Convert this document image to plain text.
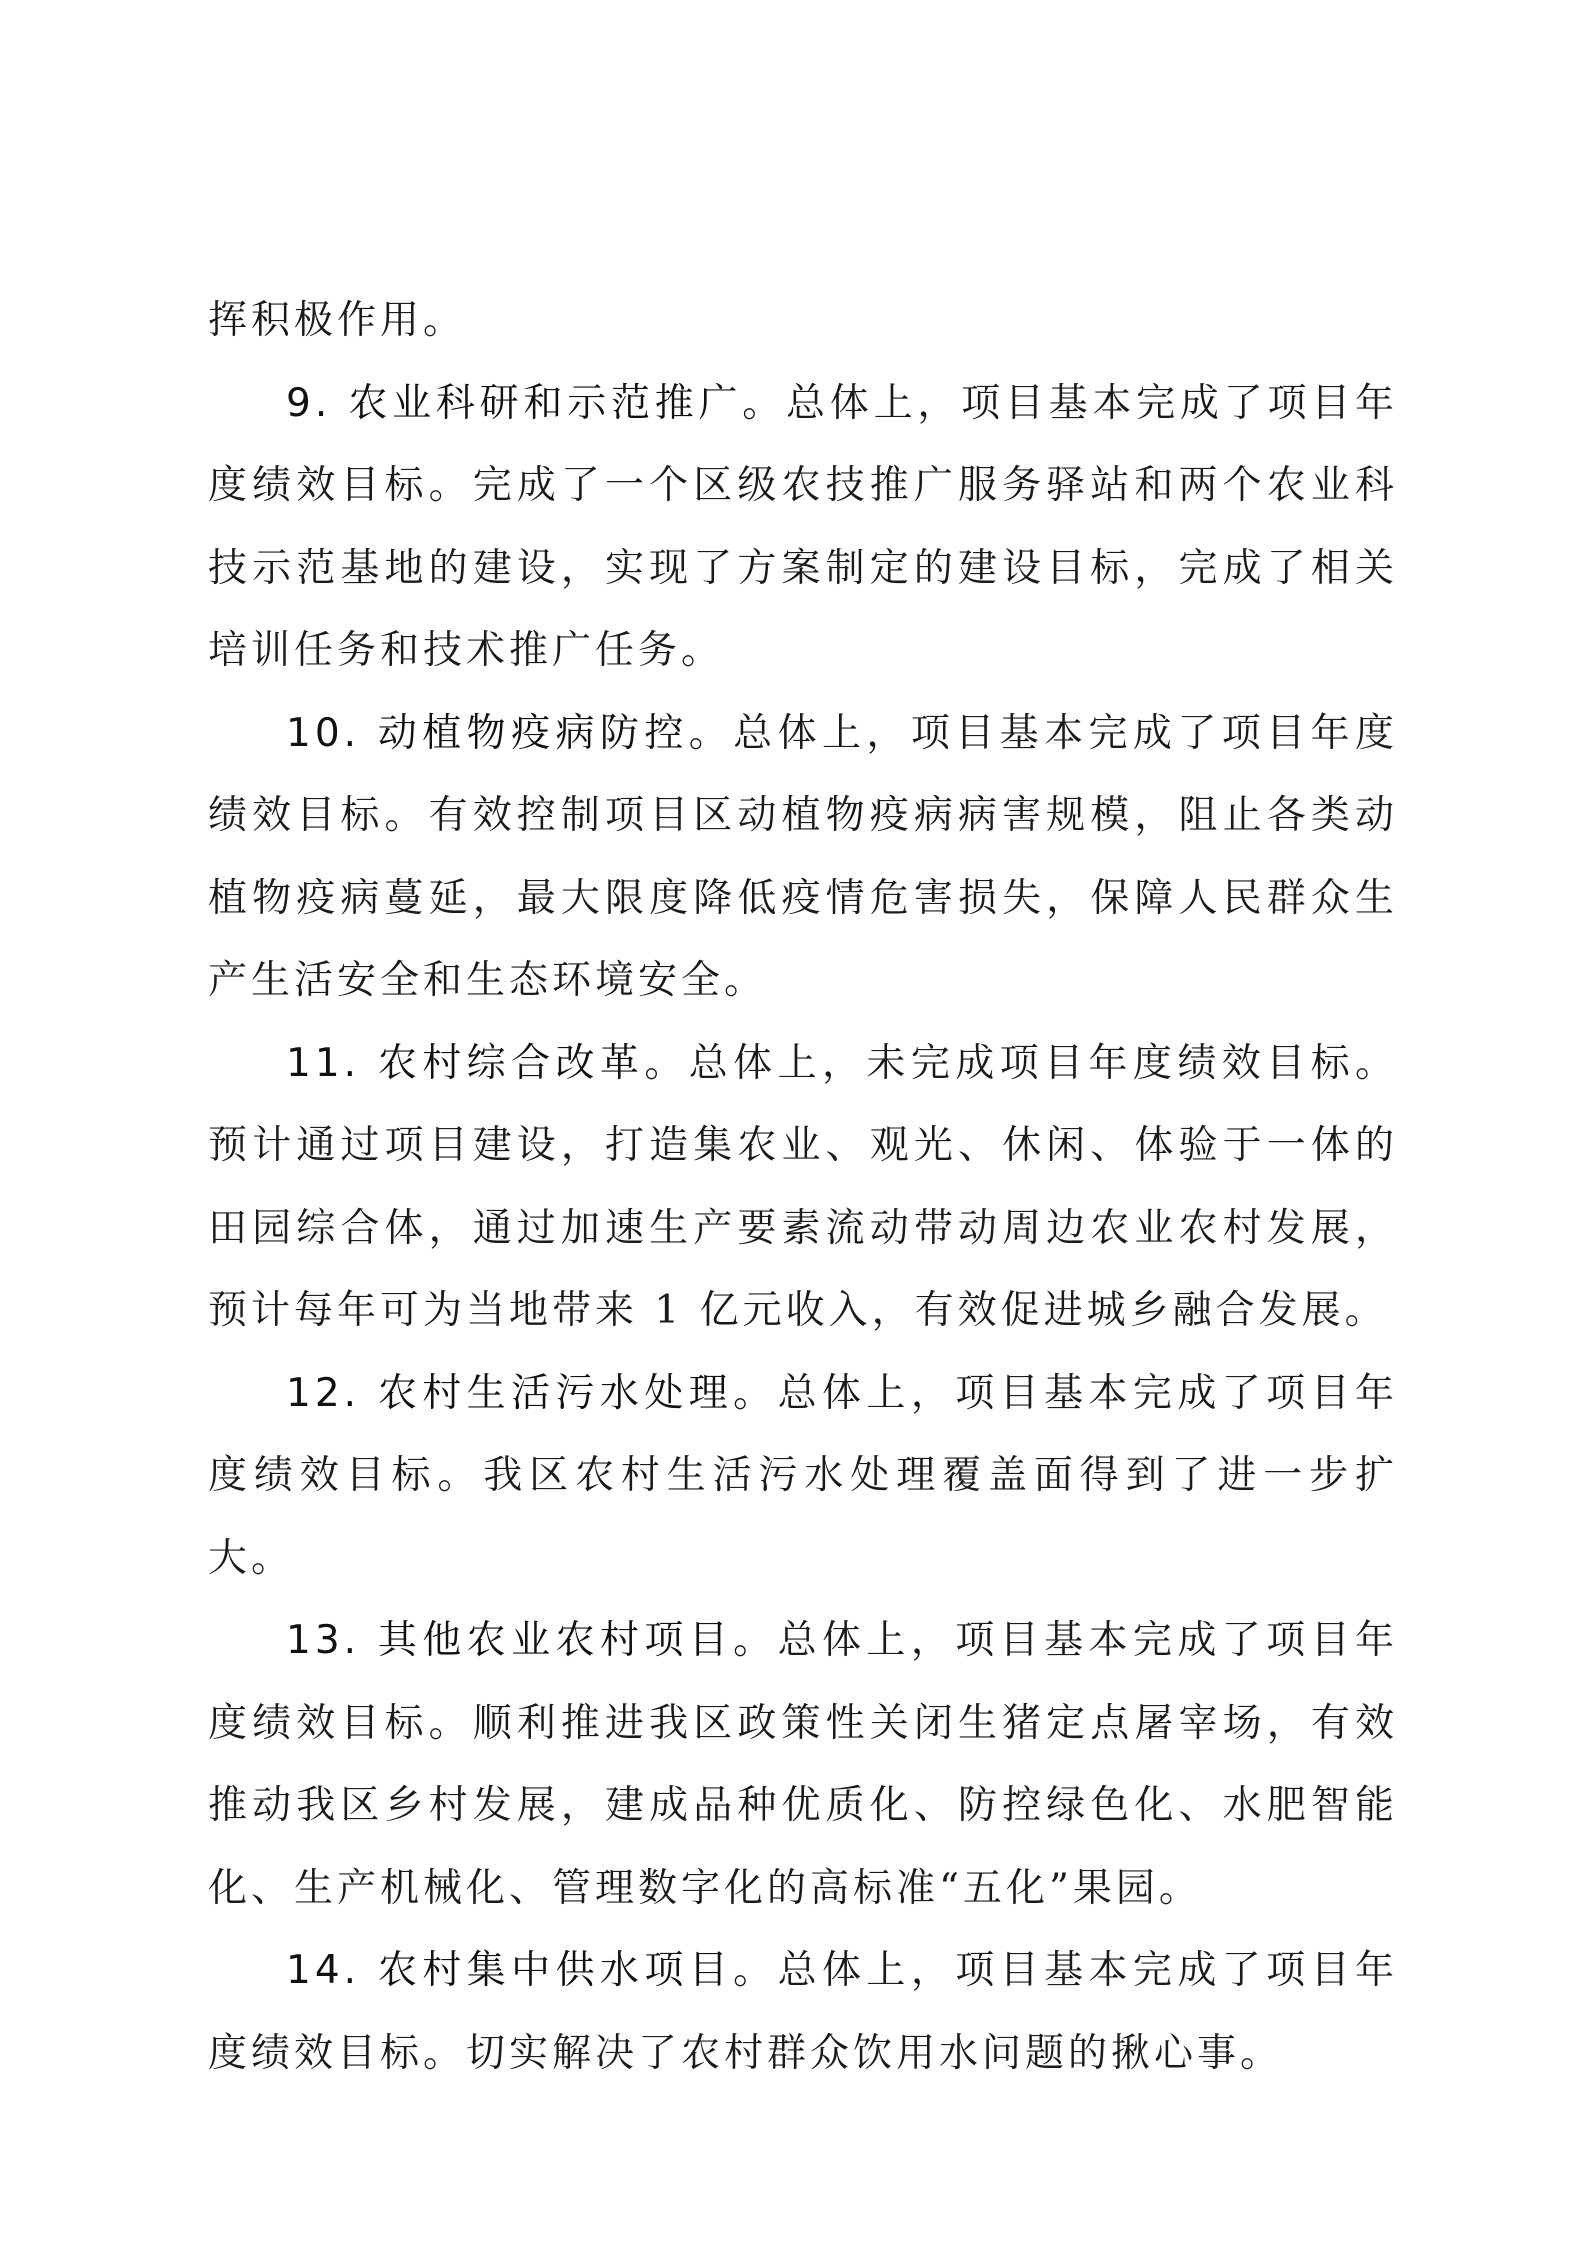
挥积极作用。

9. 农业科研和示范推广。总体上，项目基本完成了项目年度绩效目标。完成了一个区级农技推广服务驿站和两个农业科技示范基地的建设，实现了方案制定的建设目标，完成了相关培训任务和技术推广任务。

10. 动植物疫病防控。总体上，项目基本完成了项目年度绩效目标。有效控制项目区动植物疫病病害规模，阻止各类动植物疫病蔓延，最大限度降低疫情危害损失，保障人民群众生产生活安全和生态环境安全。

11. 农村综合改革。总体上，未完成项目年度绩效目标。预计通过项目建设，打造集农业、观光、休闲、体验于一体的田园综合体，通过加速生产要素流动带动周边农业农村发展，预计每年可为当地带来 1 亿元收入，有效促进城乡融合发展。

12. 农村生活污水处理。总体上，项目基本完成了项目年度绩效目标。我区农村生活污水处理覆盖面得到了进一步扩大。

13. 其他农业农村项目。总体上，项目基本完成了项目年度绩效目标。顺利推进我区政策性关闭生猪定点屠宰场，有效推动我区乡村发展，建成品种优质化、防控绿色化、水肥智能化、生产机械化、管理数字化的高标准“五化”果园。

14. 农村集中供水项目。总体上，项目基本完成了项目年度绩效目标。切实解决了农村群众饮用水问题的揪心事。
